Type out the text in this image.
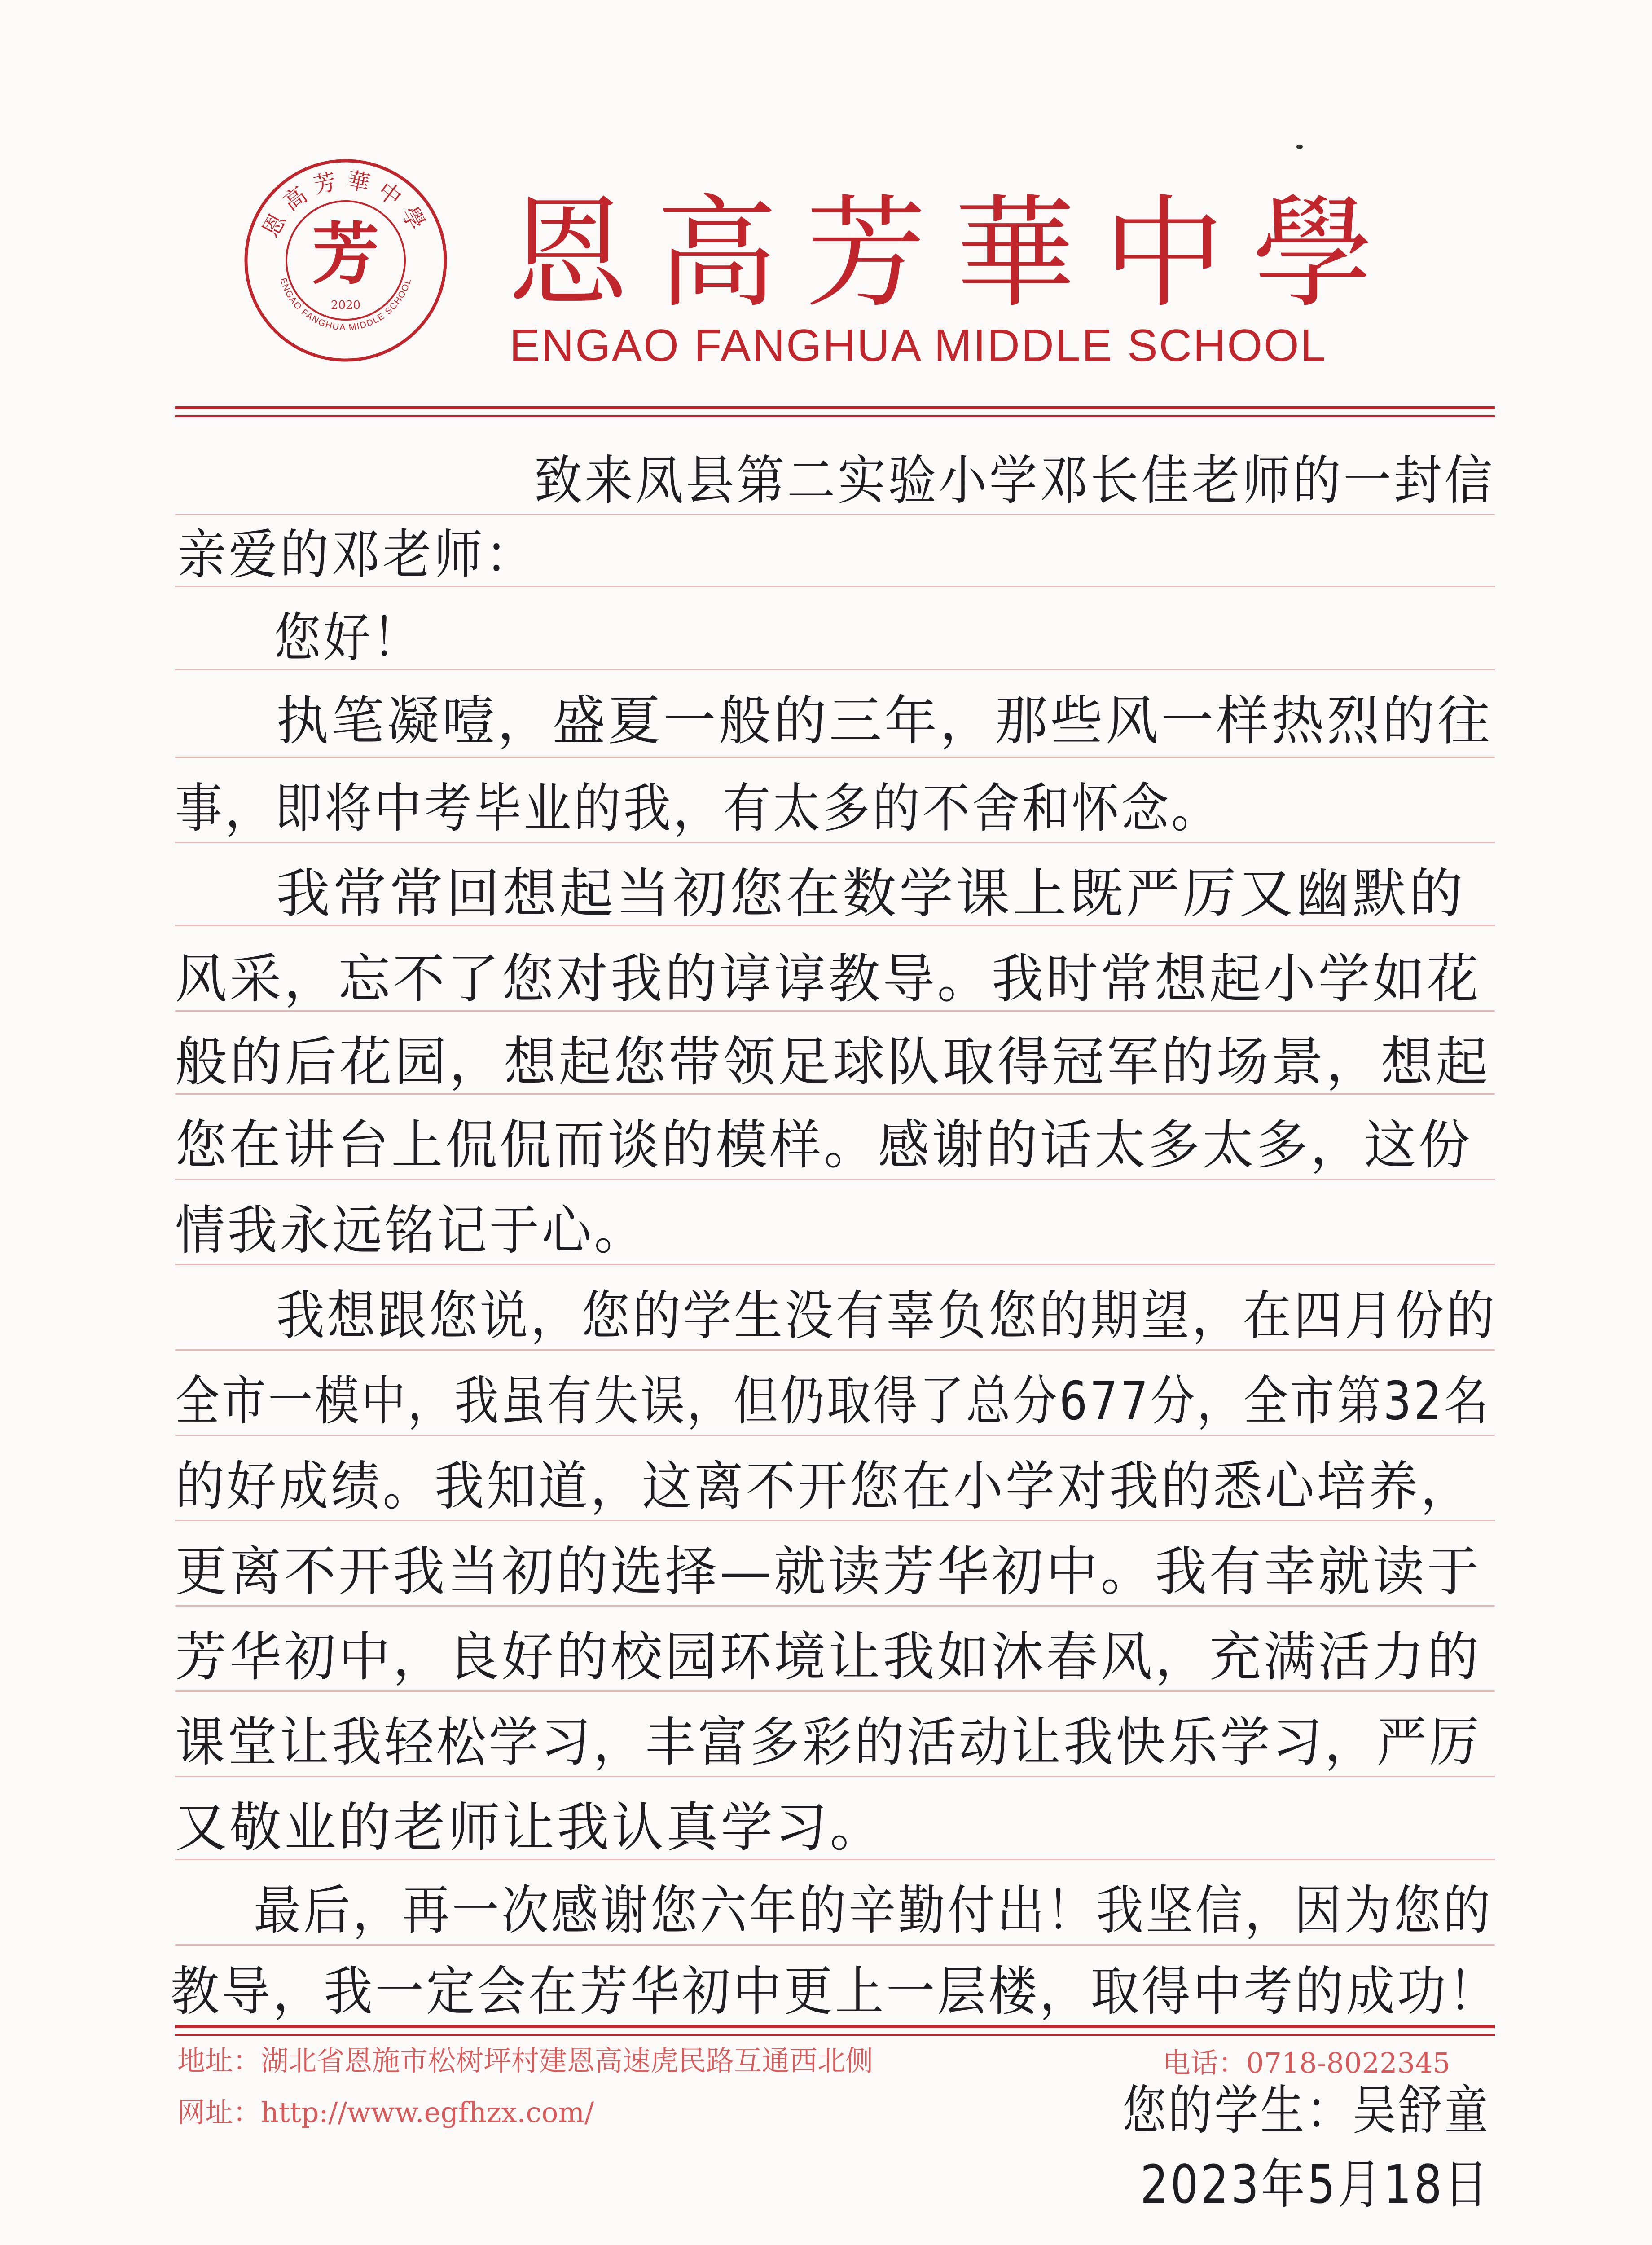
恩高芳華中學
ENGAO FANGHUA MIDDLE SCHOOL
芳
2020 恩高芳華中學
ENGAO FANGHUA MIDDLE SCHOOL
致来凤县第二实验小学邓长佳老师的一封信
亲爱的邓老师：
您好！
执笔凝噎，盛夏一般的三年，那些风一样热烈的往
事，即将中考毕业的我，有太多的不舍和怀念。
我常常回想起当初您在数学课上既严厉又幽默的
风采，忘不了您对我的谆谆教导。我时常想起小学如花
般的后花园，想起您带领足球队取得冠军的场景，想起
您在讲台上侃侃而谈的模样。感谢的话太多太多，这份
情我永远铭记于心。
我想跟您说，您的学生没有辜负您的期望，在四月份的
全市一模中，我虽有失误，但仍取得了总分677分，全市第32名
的好成绩。我知道，这离不开您在小学对我的悉心培养，
更离不开我当初的选择—就读芳华初中。我有幸就读于
芳华初中，良好的校园环境让我如沐春风，充满活力的
课堂让我轻松学习，丰富多彩的活动让我快乐学习，严厉
又敬业的老师让我认真学习。
最后，再一次感谢您六年的辛勤付出！我坚信，因为您的
教导，我一定会在芳华初中更上一层楼，取得中考的成功！
地址：湖北省恩施市松树坪村建恩高速虎民路互通西北侧
网址：http://www.egfhzx.com/
电话：0718-8022345
您的学生：吴舒童
2023年5月18日
